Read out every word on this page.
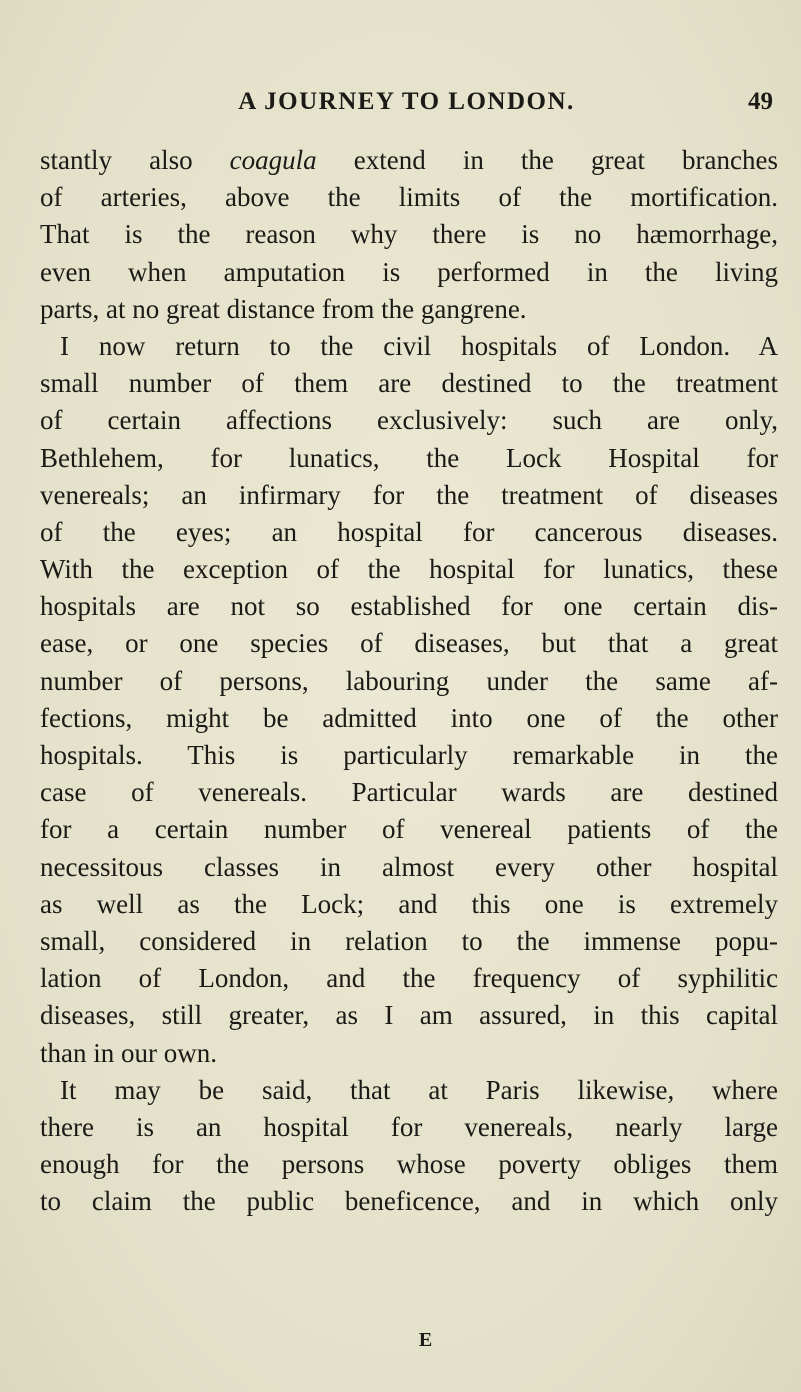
A JOURNEY TO LONDON.	49
stantly also coagula extend in the great branches
of arteries, above the limits of the mortification.
That is the reason why there is no hæmorrhage,
even when amputation is performed in the living
parts, at no great distance from the gangrene.
I now return to the civil hospitals of London. A
small number of them are destined to the treatment
of certain affections exclusively: such are only,
Bethlehem, for lunatics, the Lock Hospital for
venereals; an infirmary for the treatment of diseases
of the eyes; an hospital for cancerous diseases.
With the exception of the hospital for lunatics, these
hospitals are not so established for one certain dis-
ease, or one species of diseases, but that a great
number of persons, labouring under the same af-
fections, might be admitted into one of the other
hospitals. This is particularly remarkable in the
case of venereals. Particular wards are destined
for a certain number of venereal patients of the
necessitous classes in almost every other hospital
as well as the Lock; and this one is extremely
small, considered in relation to the immense popu-
lation of London, and the frequency of syphilitic
diseases, still greater, as I am assured, in this capital
than in our own.
It may be said, that at Paris likewise, where
there is an hospital for venereals, nearly large
enough for the persons whose poverty obliges them
to claim the public beneficence, and in which only
E
